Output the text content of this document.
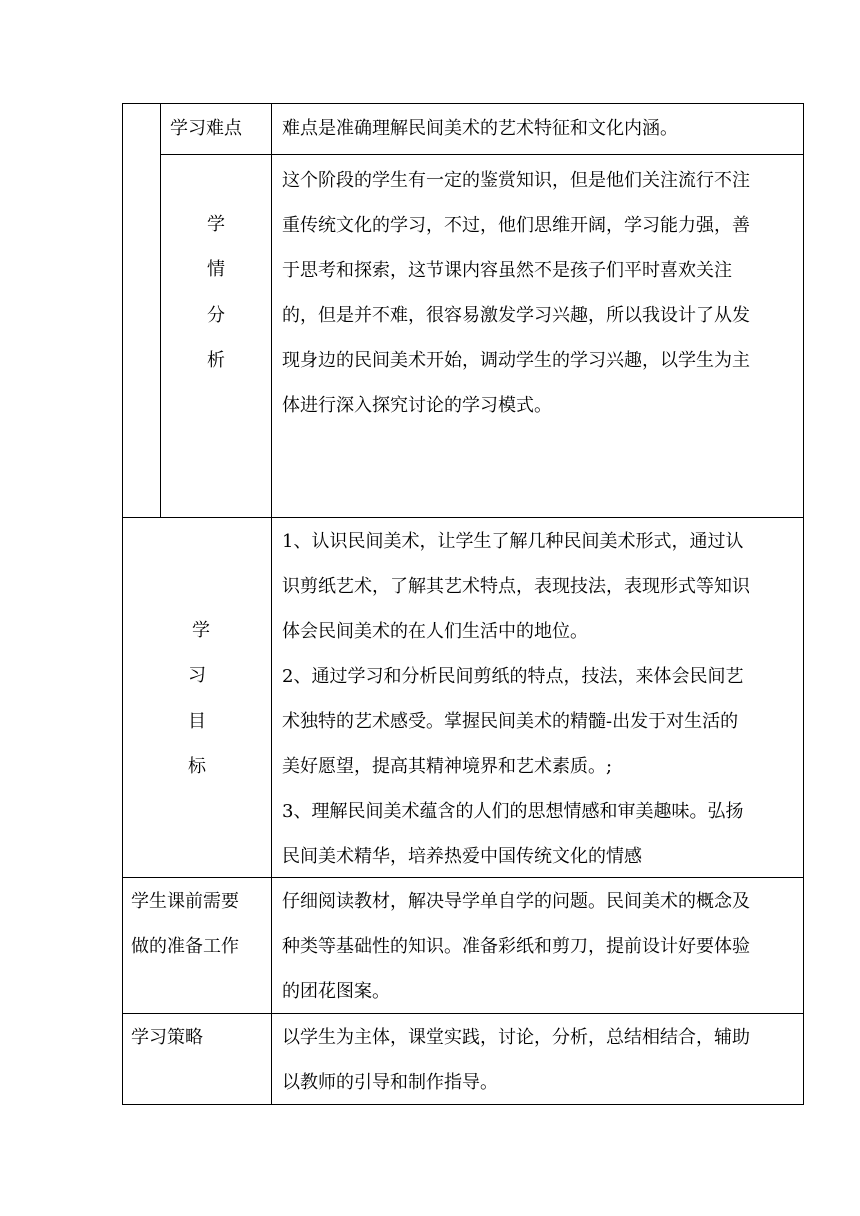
学习难点 难点是准确理解民间美术的艺术特征和文化内涵。
学
情
分
析
这个阶段的学生有一定的鉴赏知识，但是他们关注流行不注
重传统文化的学习，不过，他们思维开阔，学习能力强，善
于思考和探索，这节课内容虽然不是孩子们平时喜欢关注
的，但是并不难，很容易激发学习兴趣，所以我设计了从发
现身边的民间美术开始，调动学生的学习兴趣，以学生为主
体进行深入探究讨论的学习模式。
学
习
目
标
1、认识民间美术，让学生了解几种民间美术形式，通过认
识剪纸艺术，了解其艺术特点，表现技法，表现形式等知识
体会民间美术的在人们生活中的地位。
2、通过学习和分析民间剪纸的特点，技法，来体会民间艺
术独特的艺术感受。掌握民间美术的精髓-出发于对生活的
美好愿望，提高其精神境界和艺术素质。;
3、理解民间美术蕴含的人们的思想情感和审美趣味。弘扬
民间美术精华，培养热爱中国传统文化的情感
学生课前需要
做的准备工作
仔细阅读教材，解决导学单自学的问题。民间美术的概念及
种类等基础性的知识。准备彩纸和剪刀，提前设计好要体验
的团花图案。
学习策略	以学生为主体，课堂实践，讨论，分析，总结相结合，辅助
以教师的引导和制作指导。
